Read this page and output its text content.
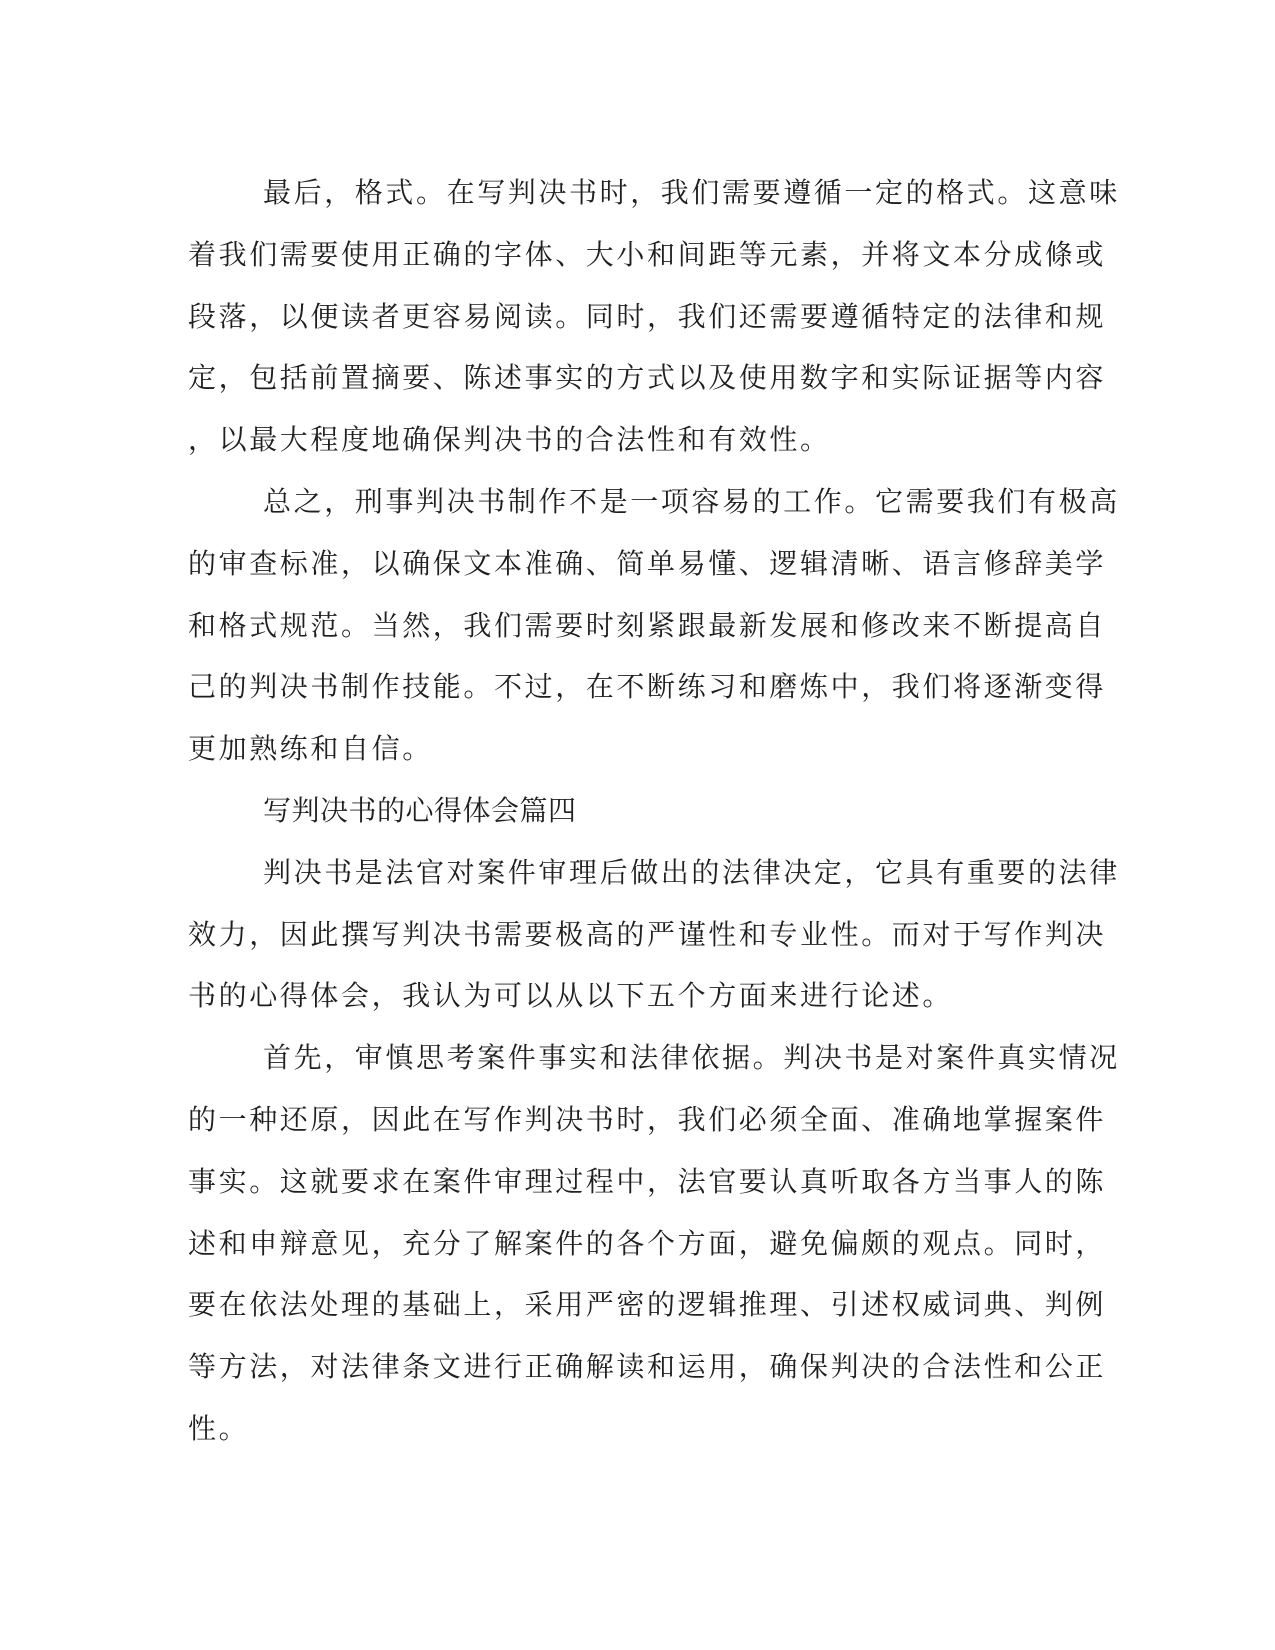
最后，格式。在写判决书时，我们需要遵循一定的格式。这意味
着我们需要使用正确的字体、大小和间距等元素，并将文本分成條或
段落，以便读者更容易阅读。同时，我们还需要遵循特定的法律和规
定，包括前置摘要、陈述事实的方式以及使用数字和实际证据等内容
，以最大程度地确保判决书的合法性和有效性。
总之，刑事判决书制作不是一项容易的工作。它需要我们有极高
的审查标准，以确保文本准确、简单易懂、逻辑清晰、语言修辞美学
和格式规范。当然，我们需要时刻紧跟最新发展和修改来不断提高自
己的判决书制作技能。不过，在不断练习和磨炼中，我们将逐渐变得
更加熟练和自信。
写判决书的心得体会篇四
判决书是法官对案件审理后做出的法律决定，它具有重要的法律
效力，因此撰写判决书需要极高的严谨性和专业性。而对于写作判决
书的心得体会，我认为可以从以下五个方面来进行论述。
首先，审慎思考案件事实和法律依据。判决书是对案件真实情况
的一种还原，因此在写作判决书时，我们必须全面、准确地掌握案件
事实。这就要求在案件审理过程中，法官要认真听取各方当事人的陈
述和申辩意见，充分了解案件的各个方面，避免偏颇的观点。同时，
要在依法处理的基础上，采用严密的逻辑推理、引述权威词典、判例
等方法，对法律条文进行正确解读和运用，确保判决的合法性和公正
性。
